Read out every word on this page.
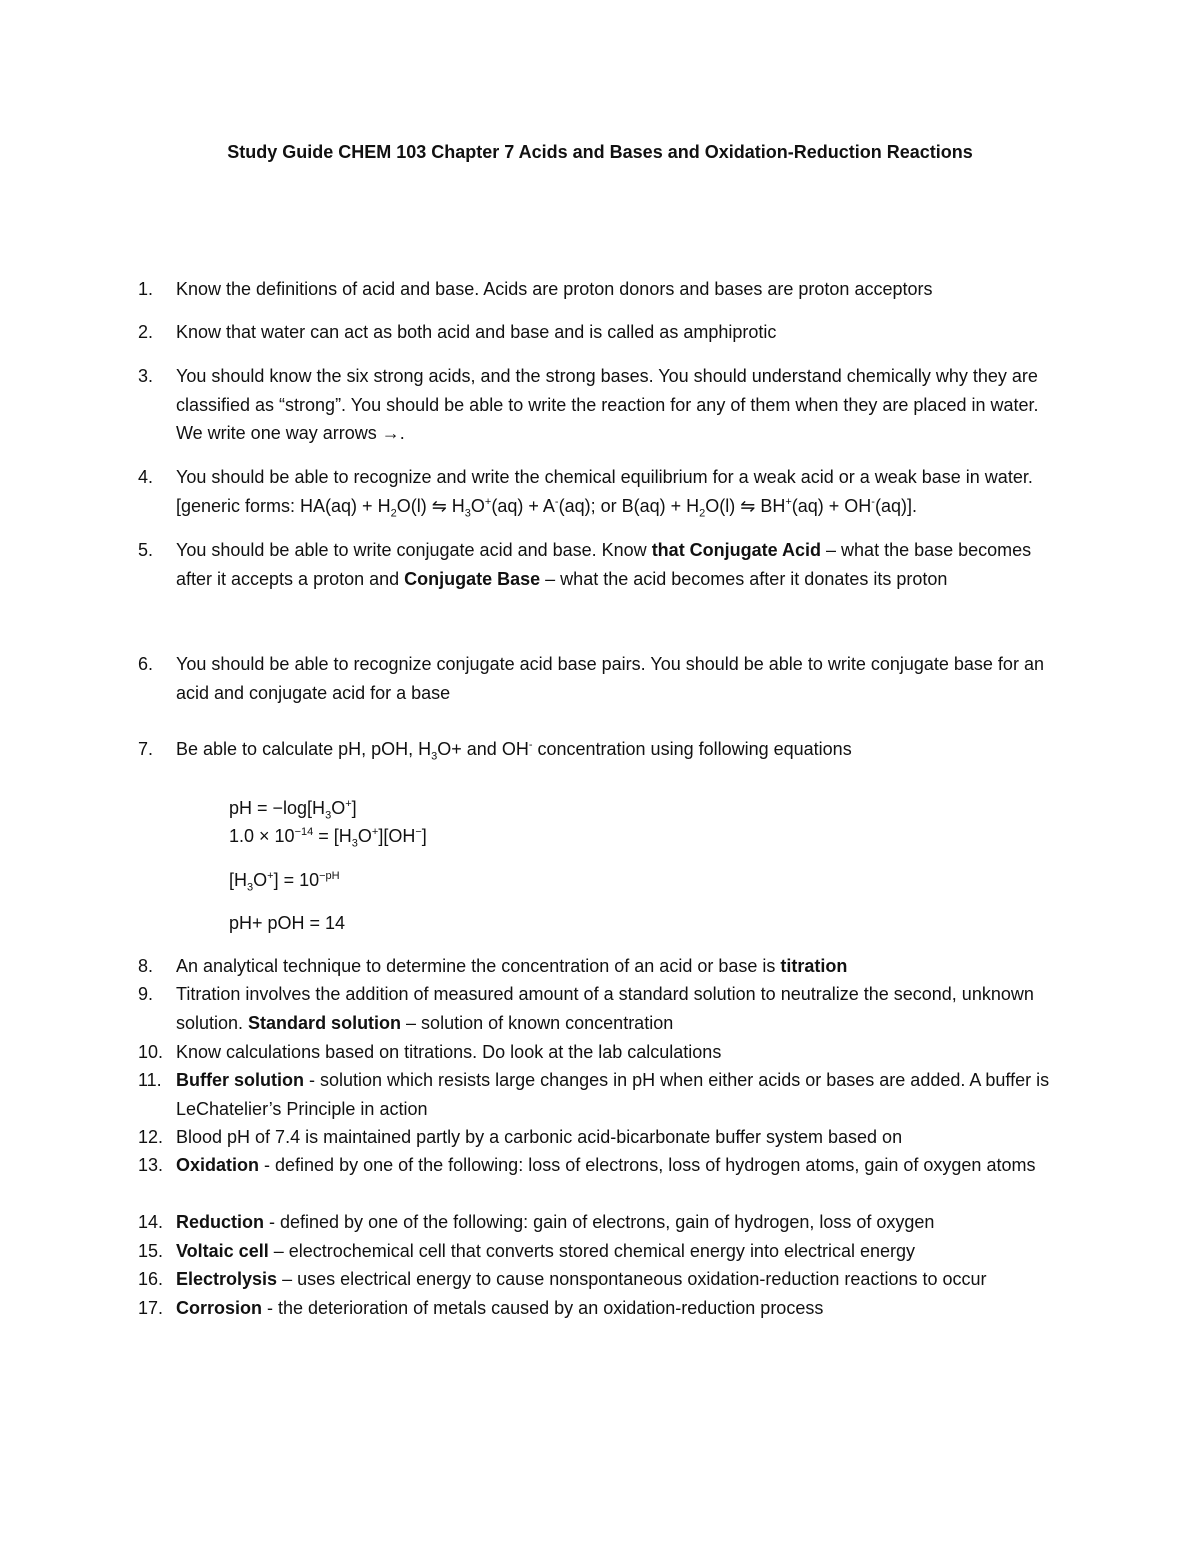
Study Guide CHEM 103 Chapter 7 Acids and Bases and Oxidation-Reduction Reactions
1.	Know the definitions of acid and base. Acids are proton donors and bases are proton acceptors
2.	Know that water can act as both acid and base and is called as amphiprotic
3.	You should know the six strong acids, and the strong bases. You should understand chemically why they are classified as “strong”. You should be able to write the reaction for any of them when they are placed in water. We write one way arrows →.
4.	You should be able to recognize and write the chemical equilibrium for a weak acid or a weak base in water. [generic forms: $HA(aq) + H_2O(l)$ ⇋ $H_3O^+(aq) + A^-(aq)$; or $B(aq) + H_2O(l)$ ⇋ BH+(aq) + OH-(aq)].
5.	You should be able to write conjugate acid and base. Know that Conjugate Acid – what the base becomes after it accepts a proton and Conjugate Base – what the acid becomes after it donates its proton
6.	You should be able to recognize conjugate acid base pairs. You should be able to write conjugate base for an acid and conjugate acid for a base
7.	Be able to calculate pH, pOH, $H_3O+$ and OH- concentration using following equations
pH = $-\log[H_3O^+]$
$1.0 \times 10^{-14} = [H_3O^+][OH^-]$
$[H_3O^+] = 10^{-pH}$
pH+ pOH = 14
8.	An analytical technique to determine the concentration of an acid or base is titration
9.	Titration involves the addition of measured amount of a standard solution to neutralize the second, unknown solution. Standard solution – solution of known concentration
10. Know calculations based on titrations. Do look at the lab calculations
11. Buffer solution - solution which resists large changes in pH when either acids or bases are added. A buffer is LeChatelier’s Principle in action
12. Blood pH of 7.4 is maintained partly by a carbonic acid-bicarbonate buffer system based on
13. Oxidation - defined by one of the following: loss of electrons, loss of hydrogen atoms, gain of oxygen atoms
14. Reduction - defined by one of the following: gain of electrons, gain of hydrogen, loss of oxygen
15. Voltaic cell – electrochemical cell that converts stored chemical energy into electrical energy
16. Electrolysis – uses electrical energy to cause nonspontaneous oxidation-reduction reactions to occur
17. Corrosion - the deterioration of metals caused by an oxidation-reduction process
